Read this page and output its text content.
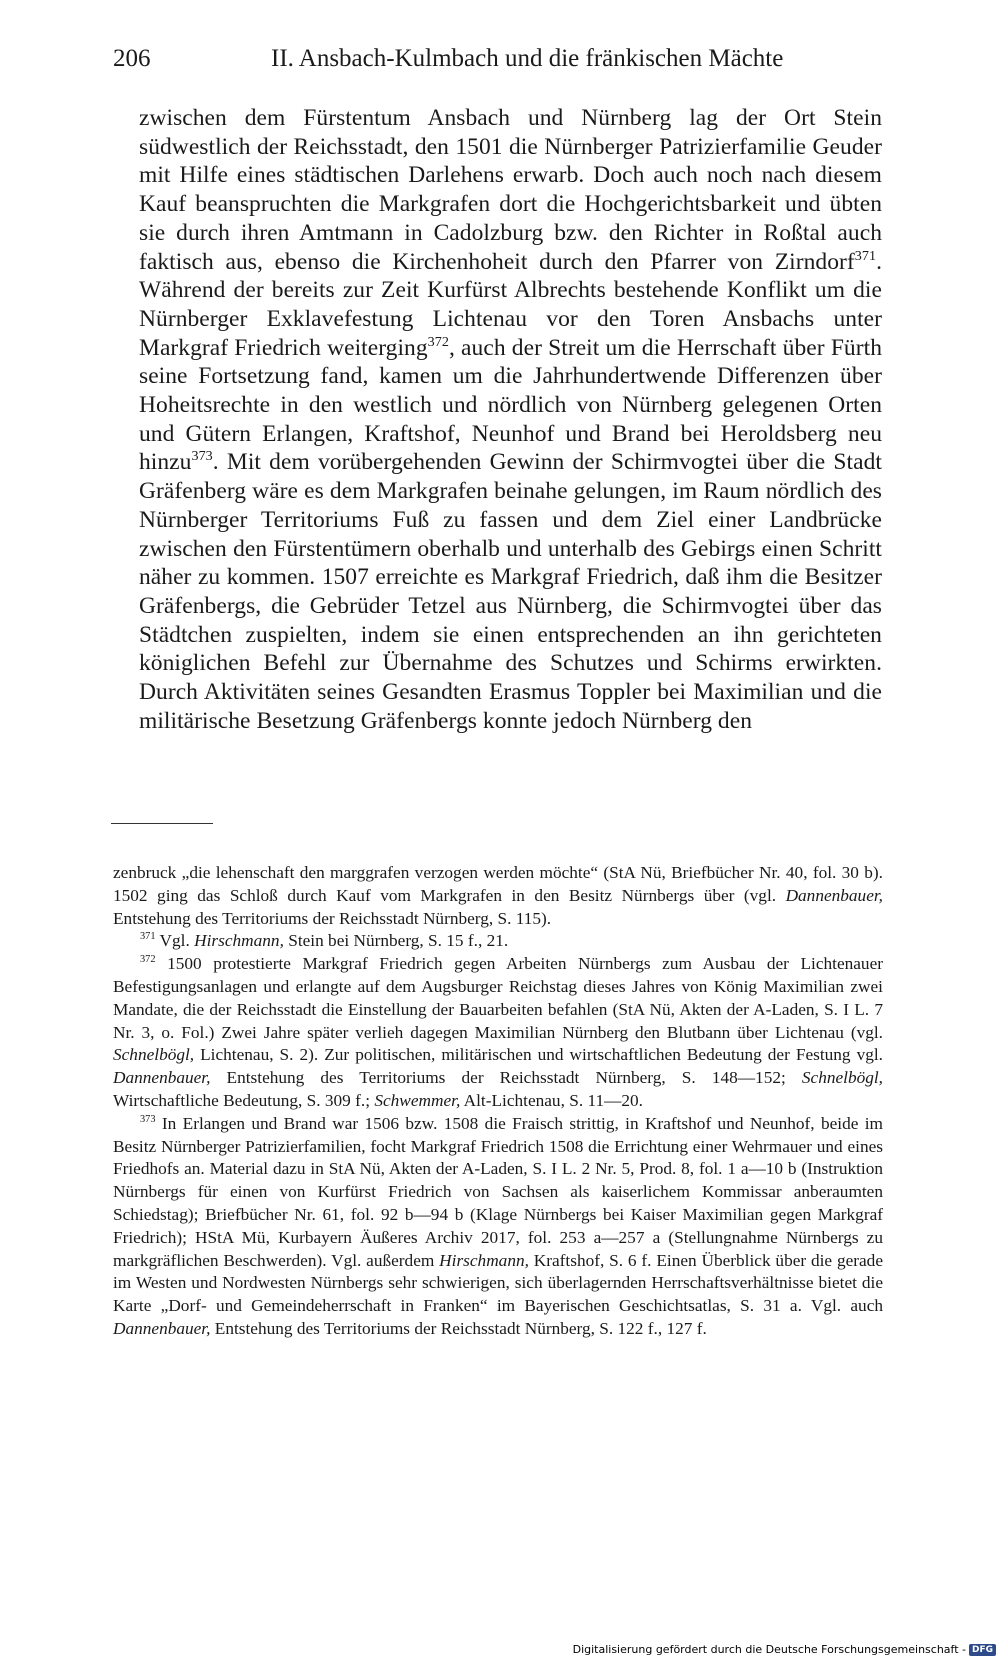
206	II. Ansbach-Kulmbach und die fränkischen Mächte

zwischen dem Fürstentum Ansbach und Nürnberg lag der Ort Stein südwestlich der Reichsstadt, den 1501 die Nürnberger Patrizierfamilie Geuder mit Hilfe eines städtischen Darlehens erwarb. Doch auch noch nach diesem Kauf beanspruchten die Markgrafen dort die Hochgerichtsbarkeit und übten sie durch ihren Amtmann in Cadolzburg bzw. den Richter in Roßtal auch faktisch aus, ebenso die Kirchenhoheit durch den Pfarrer von Zirndorf$^{371}$. Während der bereits zur Zeit Kurfürst Albrechts bestehende Konflikt um die Nürnberger Exklavefestung Lichtenau vor den Toren Ansbachs unter Markgraf Friedrich weiterging$^{372}$, auch der Streit um die Herrschaft über Fürth seine Fortsetzung fand, kamen um die Jahrhundertwende Differenzen über Hoheitsrechte in den westlich und nördlich von Nürnberg gelegenen Orten und Gütern Erlangen, Kraftshof, Neunhof und Brand bei Heroldsberg neu hinzu$^{373}$. Mit dem vorübergehenden Gewinn der Schirmvogtei über die Stadt Gräfenberg wäre es dem Markgrafen beinahe gelungen, im Raum nördlich des Nürnberger Territoriums Fuß zu fassen und dem Ziel einer Landbrücke zwischen den Fürstentümern oberhalb und unterhalb des Gebirgs einen Schritt näher zu kommen. 1507 erreichte es Markgraf Friedrich, daß ihm die Besitzer Gräfenbergs, die Gebrüder Tetzel aus Nürnberg, die Schirmvogtei über das Städtchen zuspielten, indem sie einen entsprechenden an ihn gerichteten königlichen Befehl zur Übernahme des Schutzes und Schirms erwirkten. Durch Aktivitäten seines Gesandten Erasmus Toppler bei Maximilian und die militärische Besetzung Gräfenbergs konnte jedoch Nürnberg den

zenbruck „die lehenschaft den marggrafen verzogen werden möchte“ (StA Nü, Briefbücher Nr. 40, fol. 30 b). 1502 ging das Schloß durch Kauf vom Markgrafen in den Besitz Nürnbergs über (vgl. Dannenbauer, Entstehung des Territoriums der Reichsstadt Nürnberg, S. 115).

$^{371}$ Vgl. Hirschmann, Stein bei Nürnberg, S. 15 f., 21.

$^{372}$ 1500 protestierte Markgraf Friedrich gegen Arbeiten Nürnbergs zum Ausbau der Lichtenauer Befestigungsanlagen und erlangte auf dem Augsburger Reichstag dieses Jahres von König Maximilian zwei Mandate, die der Reichsstadt die Einstellung der Bauarbeiten befahlen (StA Nü, Akten der A-Laden, S. I L. 7 Nr. 3, o. Fol.) Zwei Jahre später verlieh dagegen Maximilian Nürnberg den Blutbann über Lichtenau (vgl. Schnelbögl, Lichtenau, S. 2). Zur politischen, militärischen und wirtschaftlichen Bedeutung der Festung vgl. Dannenbauer, Entstehung des Territoriums der Reichsstadt Nürnberg, S. 148—152; Schnelbögl, Wirtschaftliche Bedeutung, S. 309 f.; Schwemmer, Alt-Lichtenau, S. 11—20.

$^{373}$ In Erlangen und Brand war 1506 bzw. 1508 die Fraisch strittig, in Kraftshof und Neunhof, beide im Besitz Nürnberger Patrizierfamilien, focht Markgraf Friedrich 1508 die Errichtung einer Wehrmauer und eines Friedhofs an. Material dazu in StA Nü, Akten der A-Laden, S. I L. 2 Nr. 5, Prod. 8, fol. 1 a—10 b (Instruktion Nürnbergs für einen von Kurfürst Friedrich von Sachsen als kaiserlichem Kommissar anberaumten Schiedstag); Briefbücher Nr. 61, fol. 92 b—94 b (Klage Nürnbergs bei Kaiser Maximilian gegen Markgraf Friedrich); HStA Mü, Kurbayern Äußeres Archiv 2017, fol. 253 a—257 a (Stellungnahme Nürnbergs zu markgräflichen Beschwerden). Vgl. außerdem Hirschmann, Kraftshof, S. 6 f. Einen Überblick über die gerade im Westen und Nordwesten Nürnbergs sehr schwierigen, sich überlagernden Herrschaftsverhältnisse bietet die Karte „Dorf- und Gemeindeherrschaft in Franken“ im Bayerischen Geschichtsatlas, S. 31 a. Vgl. auch Dannenbauer, Entstehung des Territoriums der Reichsstadt Nürnberg, S. 122 f., 127 f.

Digitalisierung gefördert durch die Deutsche Forschungsgemeinschaft - DFG
